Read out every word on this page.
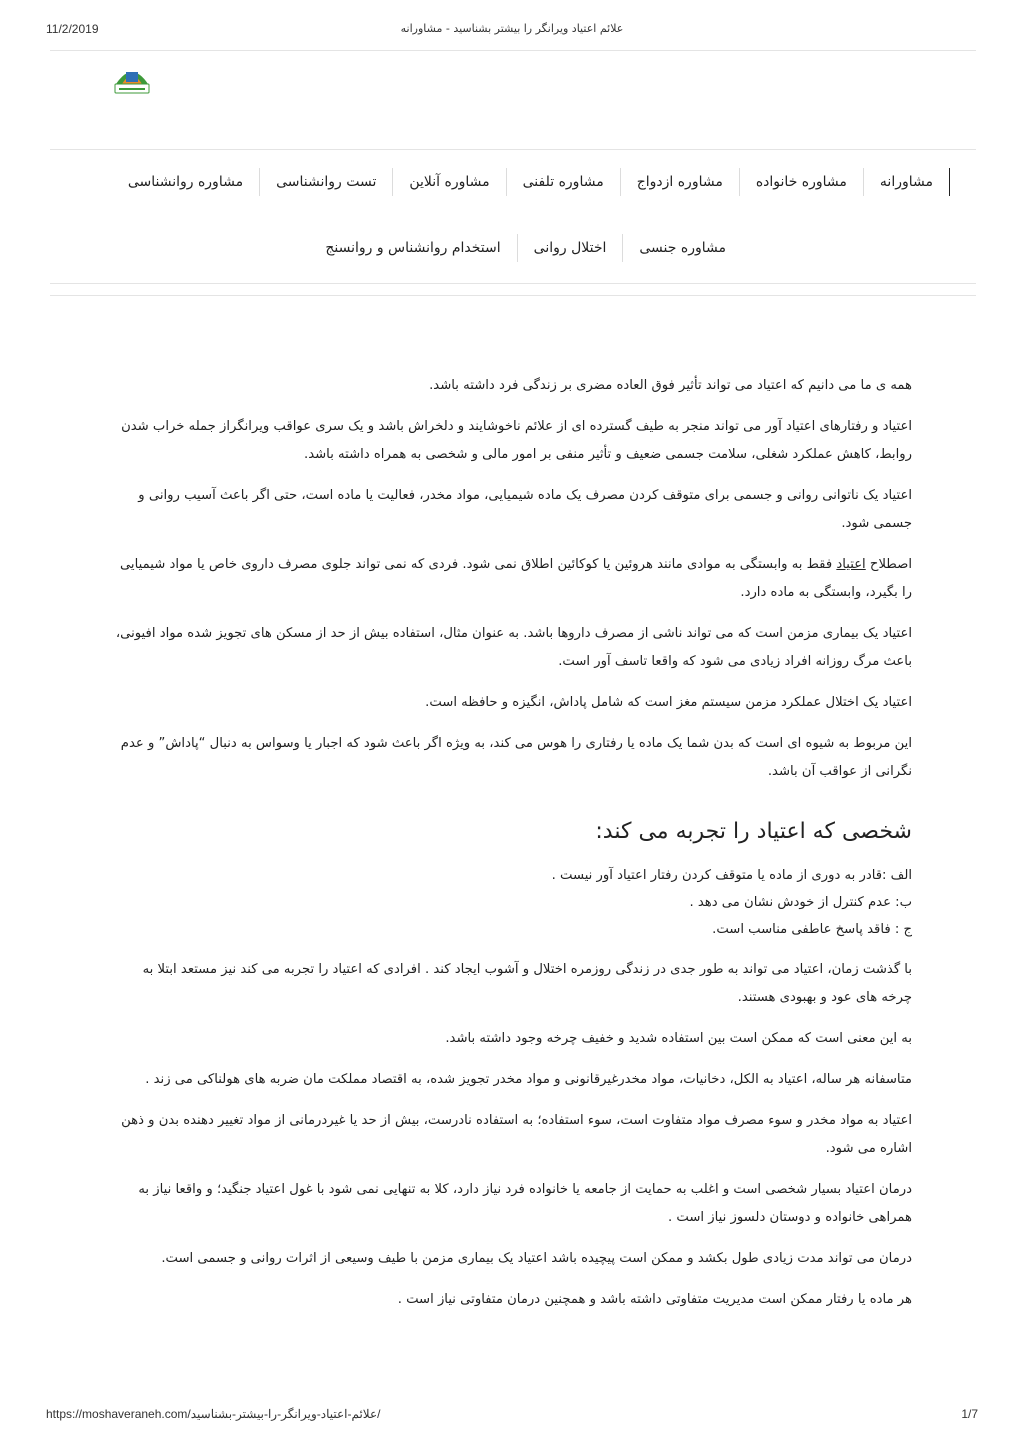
11/2/2019	علائم اعتیاد ویرانگر را بیشتر بشناسید - مشاورانه
مشاورانه
مشاوره خانواده
مشاوره ازدواج
مشاوره تلفنی
مشاوره آنلاین
تست روانشناسی
مشاوره روانشناسی
مشاوره جنسی
اختلال روانی
استخدام روانشناس و روانسنج

همه ی ما می دانیم که اعتیاد می تواند تأثیر فوق العاده مضری بر زندگی فرد داشته باشد.

اعتیاد و رفتارهای اعتیاد آور می تواند منجر به طیف گسترده ای از علائم ناخوشایند و دلخراش باشد و یک سری عواقب ویرانگراز جمله خراب شدن روابط، کاهش عملکرد شغلی، سلامت جسمی ضعیف و تأثیر منفی بر امور مالی و شخصی به همراه داشته باشد.

اعتیاد یک ناتوانی روانی و جسمی برای متوقف کردن مصرف یک ماده شیمیایی، مواد مخدر، فعالیت یا ماده است، حتی اگر باعث آسیب روانی و جسمی شود.

اصطلاح اعتیاد فقط به وابستگی به موادی مانند هروئین یا کوکائین اطلاق نمی شود. فردی که نمی تواند جلوی مصرف داروی خاص یا مواد شیمیایی را بگیرد، وابستگی به ماده دارد.

اعتیاد یک بیماری مزمن است که می تواند ناشی از مصرف داروها باشد. به عنوان مثال، استفاده بیش از حد از مسکن های تجویز شده مواد افیونی، باعث مرگ روزانه افراد زیادی می شود که واقعا تاسف آور است.

اعتیاد یک اختلال عملکرد مزمن سیستم مغز است که شامل پاداش، انگیزه و حافظه است.

این مربوط به شیوه ای است که بدن شما یک ماده یا رفتاری را هوس می کند، به ویژه اگر باعث شود که اجبار یا وسواس به دنبال “پاداش” و عدم نگرانی از عواقب آن باشد.

شخصی که اعتیاد را تجربه می کند:
الف :قادر به دوری از ماده یا متوقف کردن رفتار اعتیاد آور نیست .
ب: عدم کنترل از خودش نشان می دهد .
ج : فاقد پاسخ عاطفی مناسب است.

با گذشت زمان، اعتیاد می تواند به طور جدی در زندگی روزمره اختلال و آشوب ایجاد کند . افرادی که اعتیاد را تجربه می کند نیز مستعد ابتلا به چرخه های عود و بهبودی هستند.

به این معنی است که ممکن است بین استفاده شدید و خفیف چرخه وجود داشته باشد.

متاسفانه هر ساله، اعتیاد به الکل، دخانیات، مواد مخدرغیرقانونی و مواد مخدر تجویز شده، به اقتصاد مملکت مان ضربه های هولناکی می زند .

اعتیاد به مواد مخدر و سوء مصرف مواد متفاوت است، سوء استفاده؛ به استفاده نادرست، بیش از حد یا غیردرمانی از مواد تغییر دهنده بدن و ذهن اشاره می شود.

درمان اعتیاد بسیار شخصی است و اغلب به حمایت از جامعه یا خانواده فرد نیاز دارد، کلا به تنهایی نمی شود با غول اعتیاد جنگید؛ و واقعا نیاز به همراهی خانواده و دوستان دلسوز نیاز است .

درمان می تواند مدت زیادی طول بکشد و ممکن است پیچیده باشد اعتیاد یک بیماری مزمن با طیف وسیعی از اثرات روانی و جسمی است.

هر ماده یا رفتار ممکن است مدیریت متفاوتی داشته باشد و همچنین درمان متفاوتی نیاز است .

https://moshaveraneh.com/علائم-اعتیاد-ویرانگر-را-بیشتر-بشناسید/	1/7
